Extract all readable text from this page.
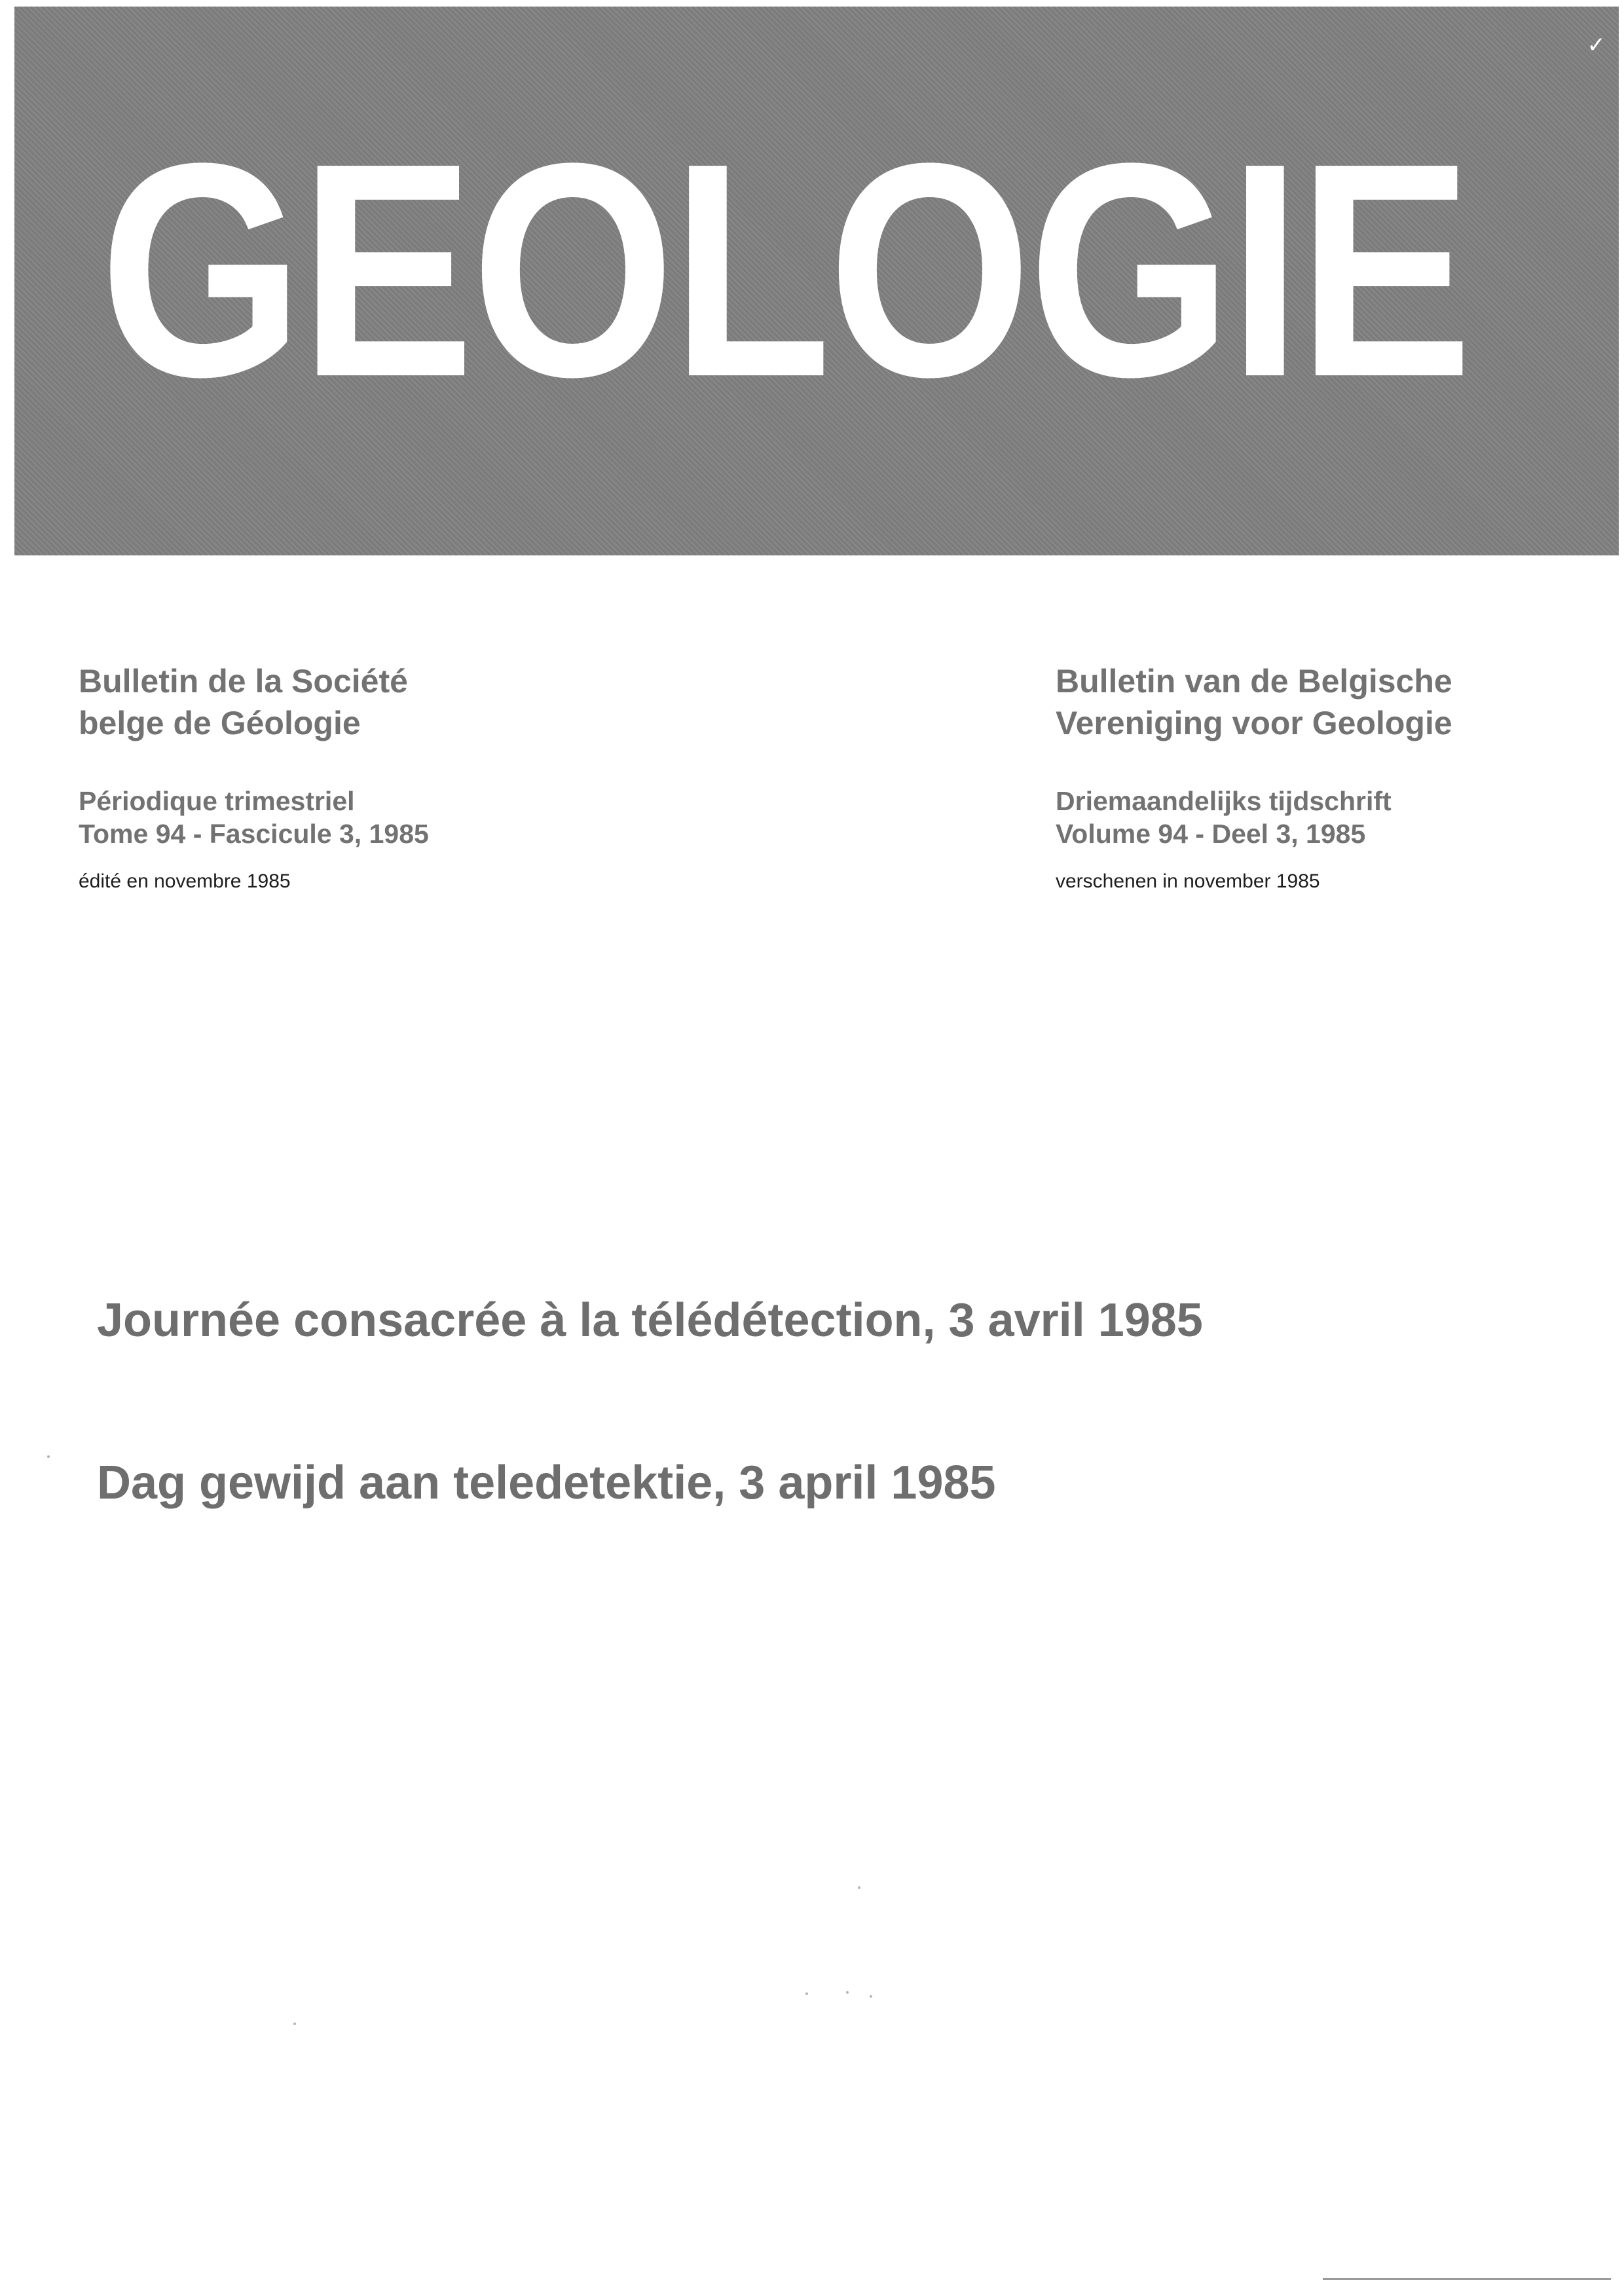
GEOLOGIE
✓
Bulletin de la Société
belge de Géologie
Périodique trimestriel
Tome 94 - Fascicule 3, 1985
édité en novembre 1985
Bulletin van de Belgische
Vereniging voor Geologie
Driemaandelijks tijdschrift
Volume 94 - Deel 3, 1985
verschenen in november 1985
Journée consacrée à la télédétection, 3 avril 1985
Dag gewijd aan teledetektie, 3 april 1985
